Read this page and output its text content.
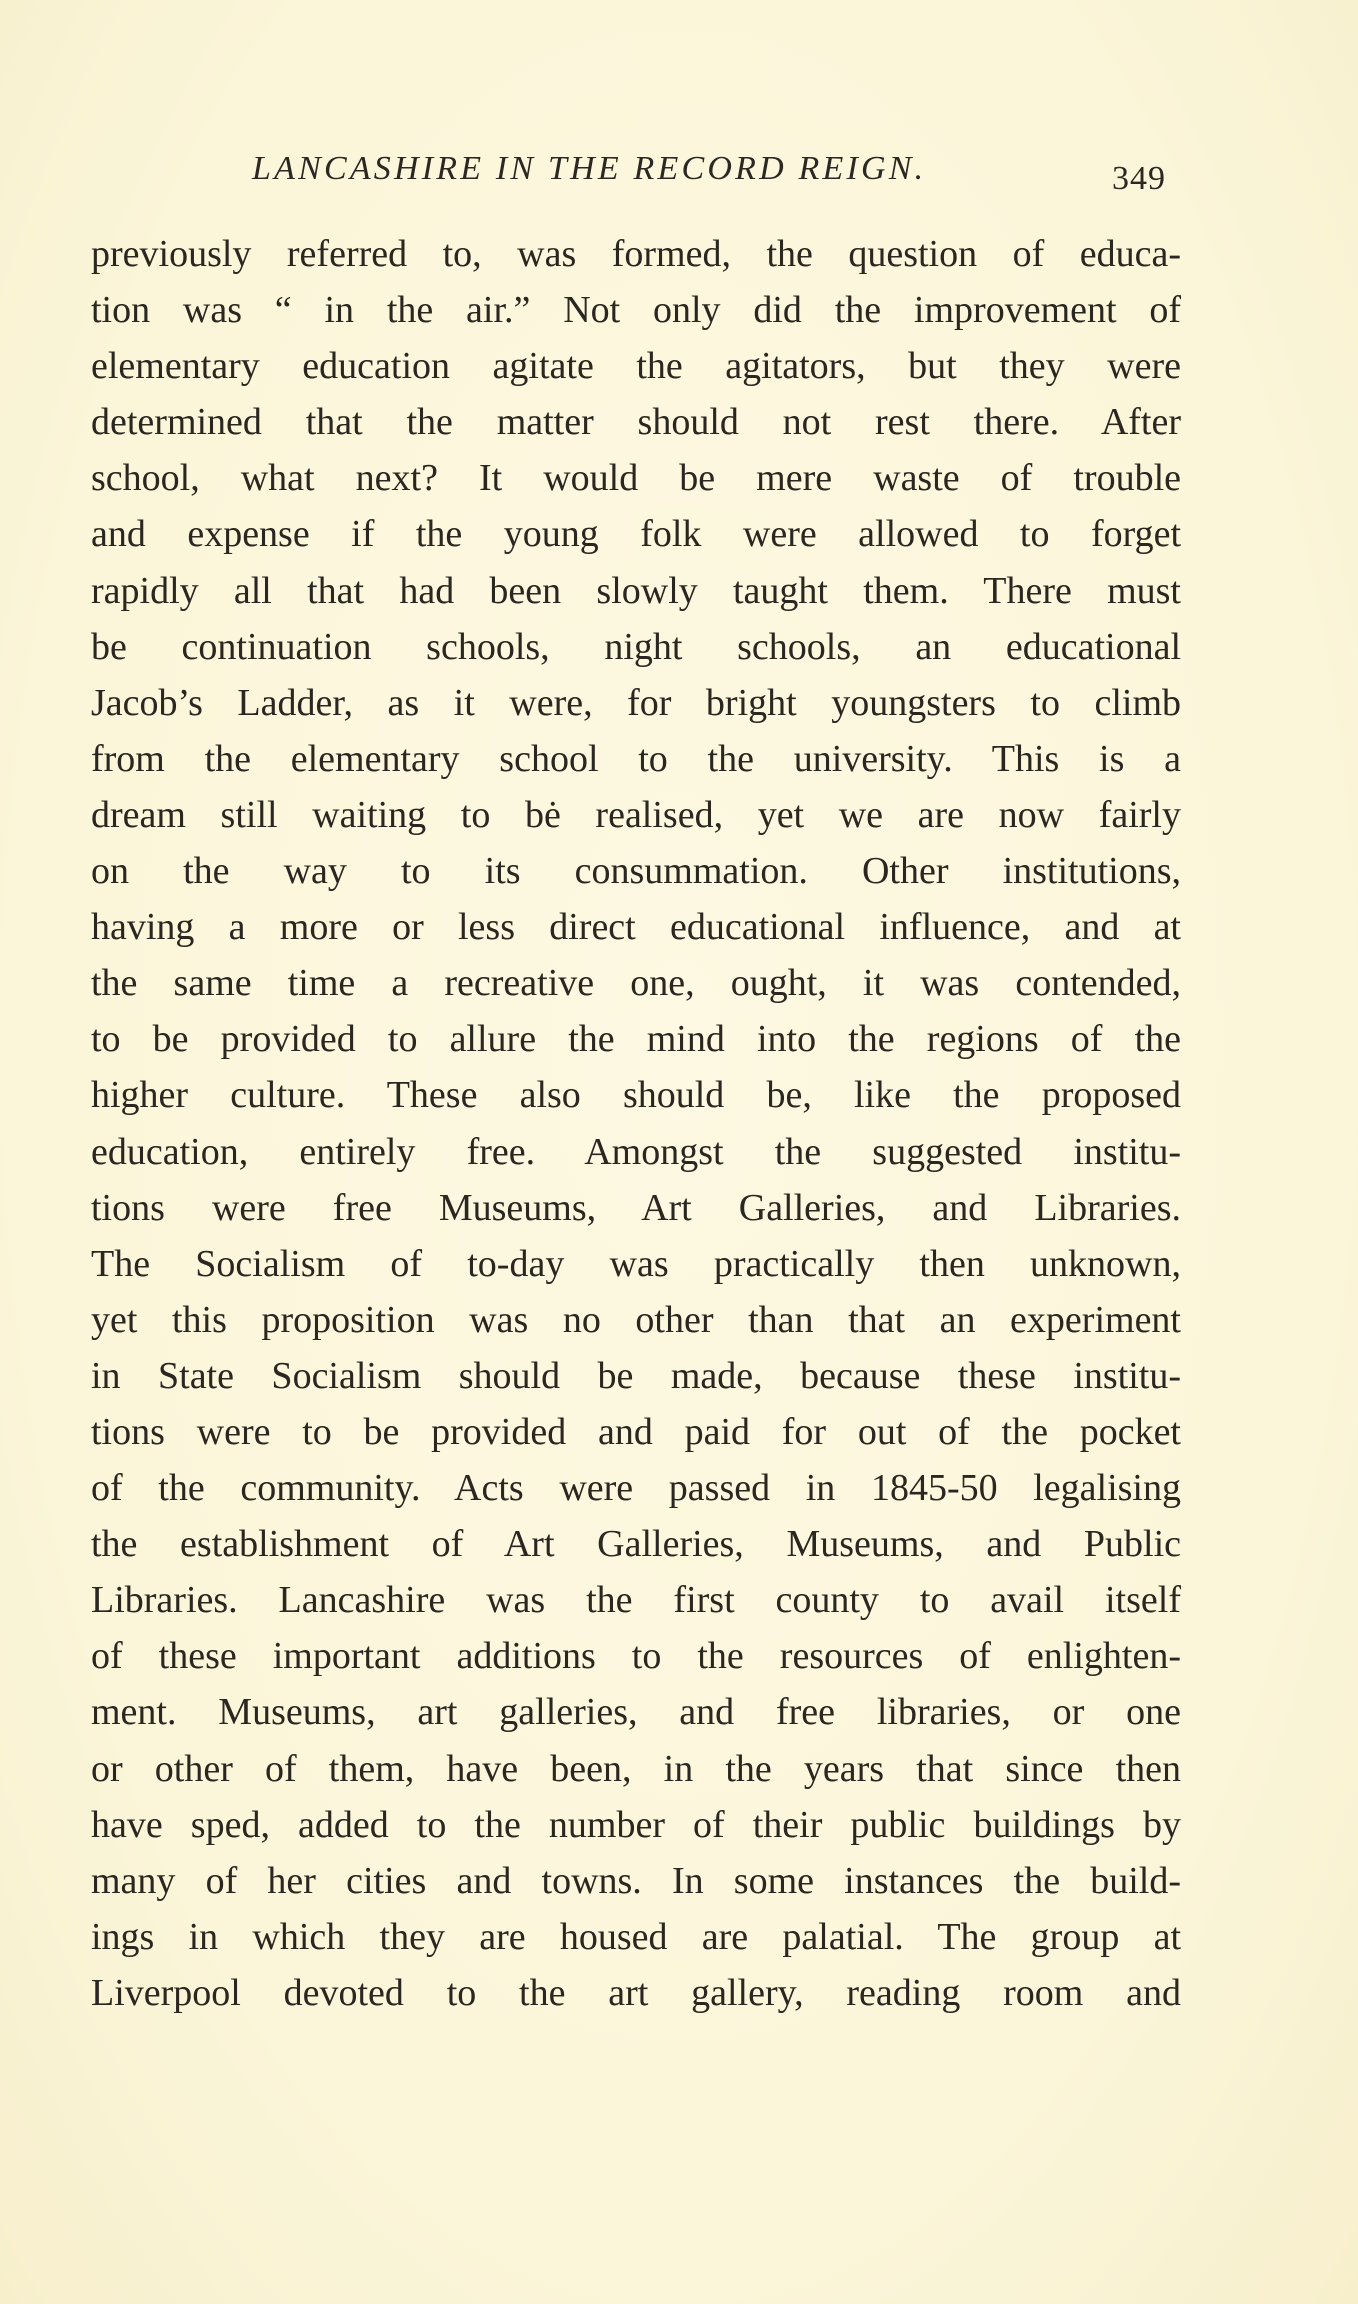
LANCASHIRE IN THE RECORD REIGN.	349
previously referred to, was formed, the question of educa-
tion was “ in the air.” Not only did the improvement of
elementary education agitate the agitators, but they were
determined that the matter should not rest there. After
school, what next? It would be mere waste of trouble
and expense if the young folk were allowed to forget
rapidly all that had been slowly taught them. There must
be continuation schools, night schools, an educational
Jacob’s Ladder, as it were, for bright youngsters to climb
from the elementary school to the university. This is a
dream still waiting to bė realised, yet we are now fairly
on the way to its consummation. Other institutions,
having a more or less direct educational influence, and at
the same time a recreative one, ought, it was contended,
to be provided to allure the mind into the regions of the
higher culture. These also should be, like the proposed
education, entirely free. Amongst the suggested institu-
tions were free Museums, Art Galleries, and Libraries.
The Socialism of to-day was practically then unknown,
yet this proposition was no other than that an experiment
in State Socialism should be made, because these institu-
tions were to be provided and paid for out of the pocket
of the community. Acts were passed in 1845-50 legalising
the establishment of Art Galleries, Museums, and Public
Libraries. Lancashire was the first county to avail itself
of these important additions to the resources of enlighten-
ment. Museums, art galleries, and free libraries, or one
or other of them, have been, in the years that since then
have sped, added to the number of their public buildings by
many of her cities and towns. In some instances the build-
ings in which they are housed are palatial. The group at
Liverpool devoted to the art gallery, reading room and
